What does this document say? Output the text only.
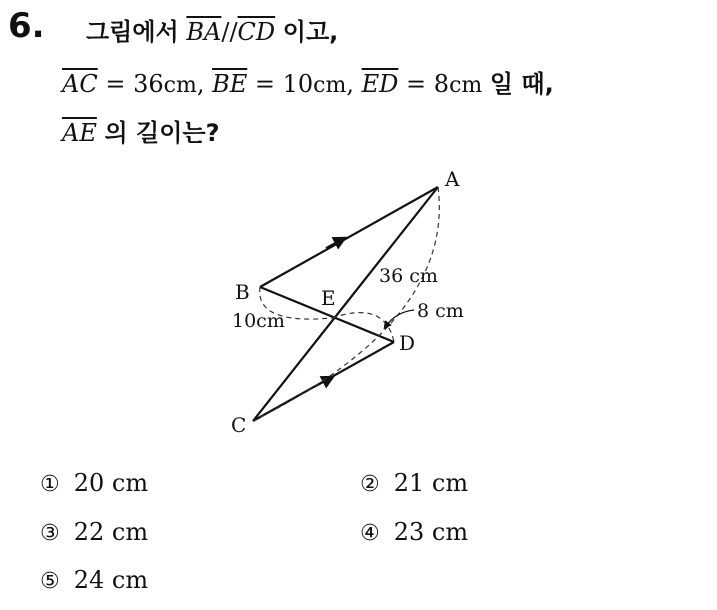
6. 그림에서 $\overline{BA}//\overline{CD}$ 이고,
$\overline{AC} = 36cm$, $\overline{BE} = 10cm$, $\overline{ED} = 8cm$ 일 때,
$\overline{AE}$ 의 길이는?
A
B	E
D
C
36 cm
10cm	8 cm
① 20 cm	② 21 cm
③ 22 cm	④ 23 cm
⑤ 24 cm
